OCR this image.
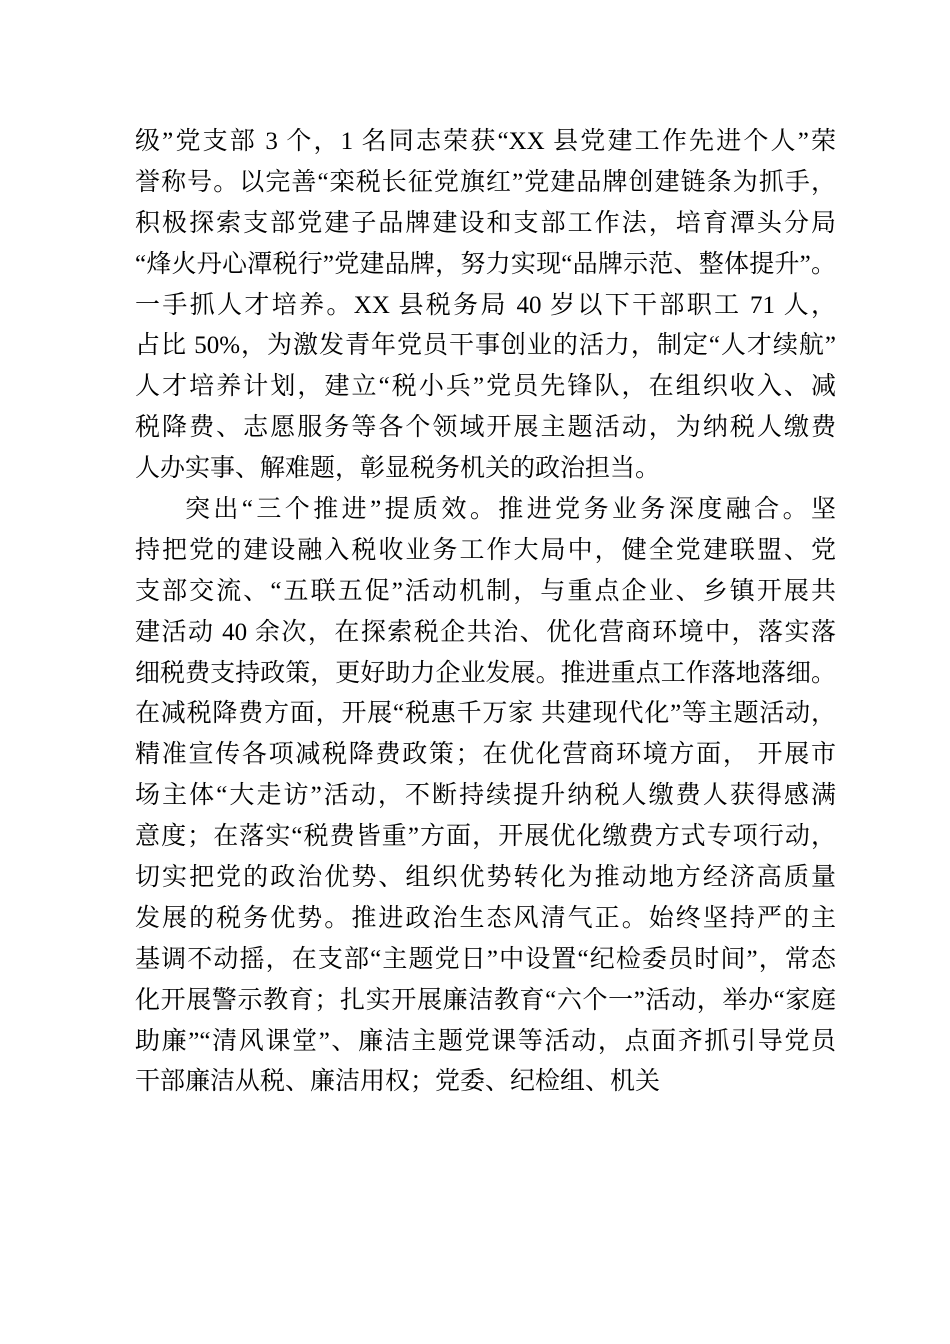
级”党支部 3 个，1 名同志荣获“XX 县党建工作先进个人”荣
誉称号。以完善“栾税长征党旗红”党建品牌创建链条为抓手，
积极探索支部党建子品牌建设和支部工作法，培育潭头分局
“烽火丹心潭税行”党建品牌，努力实现“品牌示范、整体提升”。
一手抓人才培养。XX 县税务局 40 岁以下干部职工 71 人，
占比 50%，为激发青年党员干事创业的活力，制定“人才续航”
人才培养计划，建立“税小兵”党员先锋队，在组织收入、减
税降费、志愿服务等各个领域开展主题活动，为纳税人缴费
人办实事、解难题，彰显税务机关的政治担当。
突出“三个推进”提质效。推进党务业务深度融合。坚
持把党的建设融入税收业务工作大局中，健全党建联盟、党
支部交流、“五联五促”活动机制，与重点企业、乡镇开展共
建活动 40 余次，在探索税企共治、优化营商环境中，落实落
细税费支持政策，更好助力企业发展。推进重点工作落地落细。
在减税降费方面，开展“税惠千万家 共建现代化”等主题活动，
精准宣传各项减税降费政策；在优化营商环境方面， 开展市
场主体“大走访”活动，不断持续提升纳税人缴费人获得感满
意度；在落实“税费皆重”方面，开展优化缴费方式专项行动，
切实把党的政治优势、组织优势转化为推动地方经济高质量
发展的税务优势。推进政治生态风清气正。始终坚持严的主
基调不动摇，在支部“主题党日”中设置“纪检委员时间”，常态
化开展警示教育；扎实开展廉洁教育“六个一”活动，举办“家庭
助廉”“清风课堂”、廉洁主题党课等活动，点面齐抓引导党员
干部廉洁从税、廉洁用权；党委、纪检组、机关
